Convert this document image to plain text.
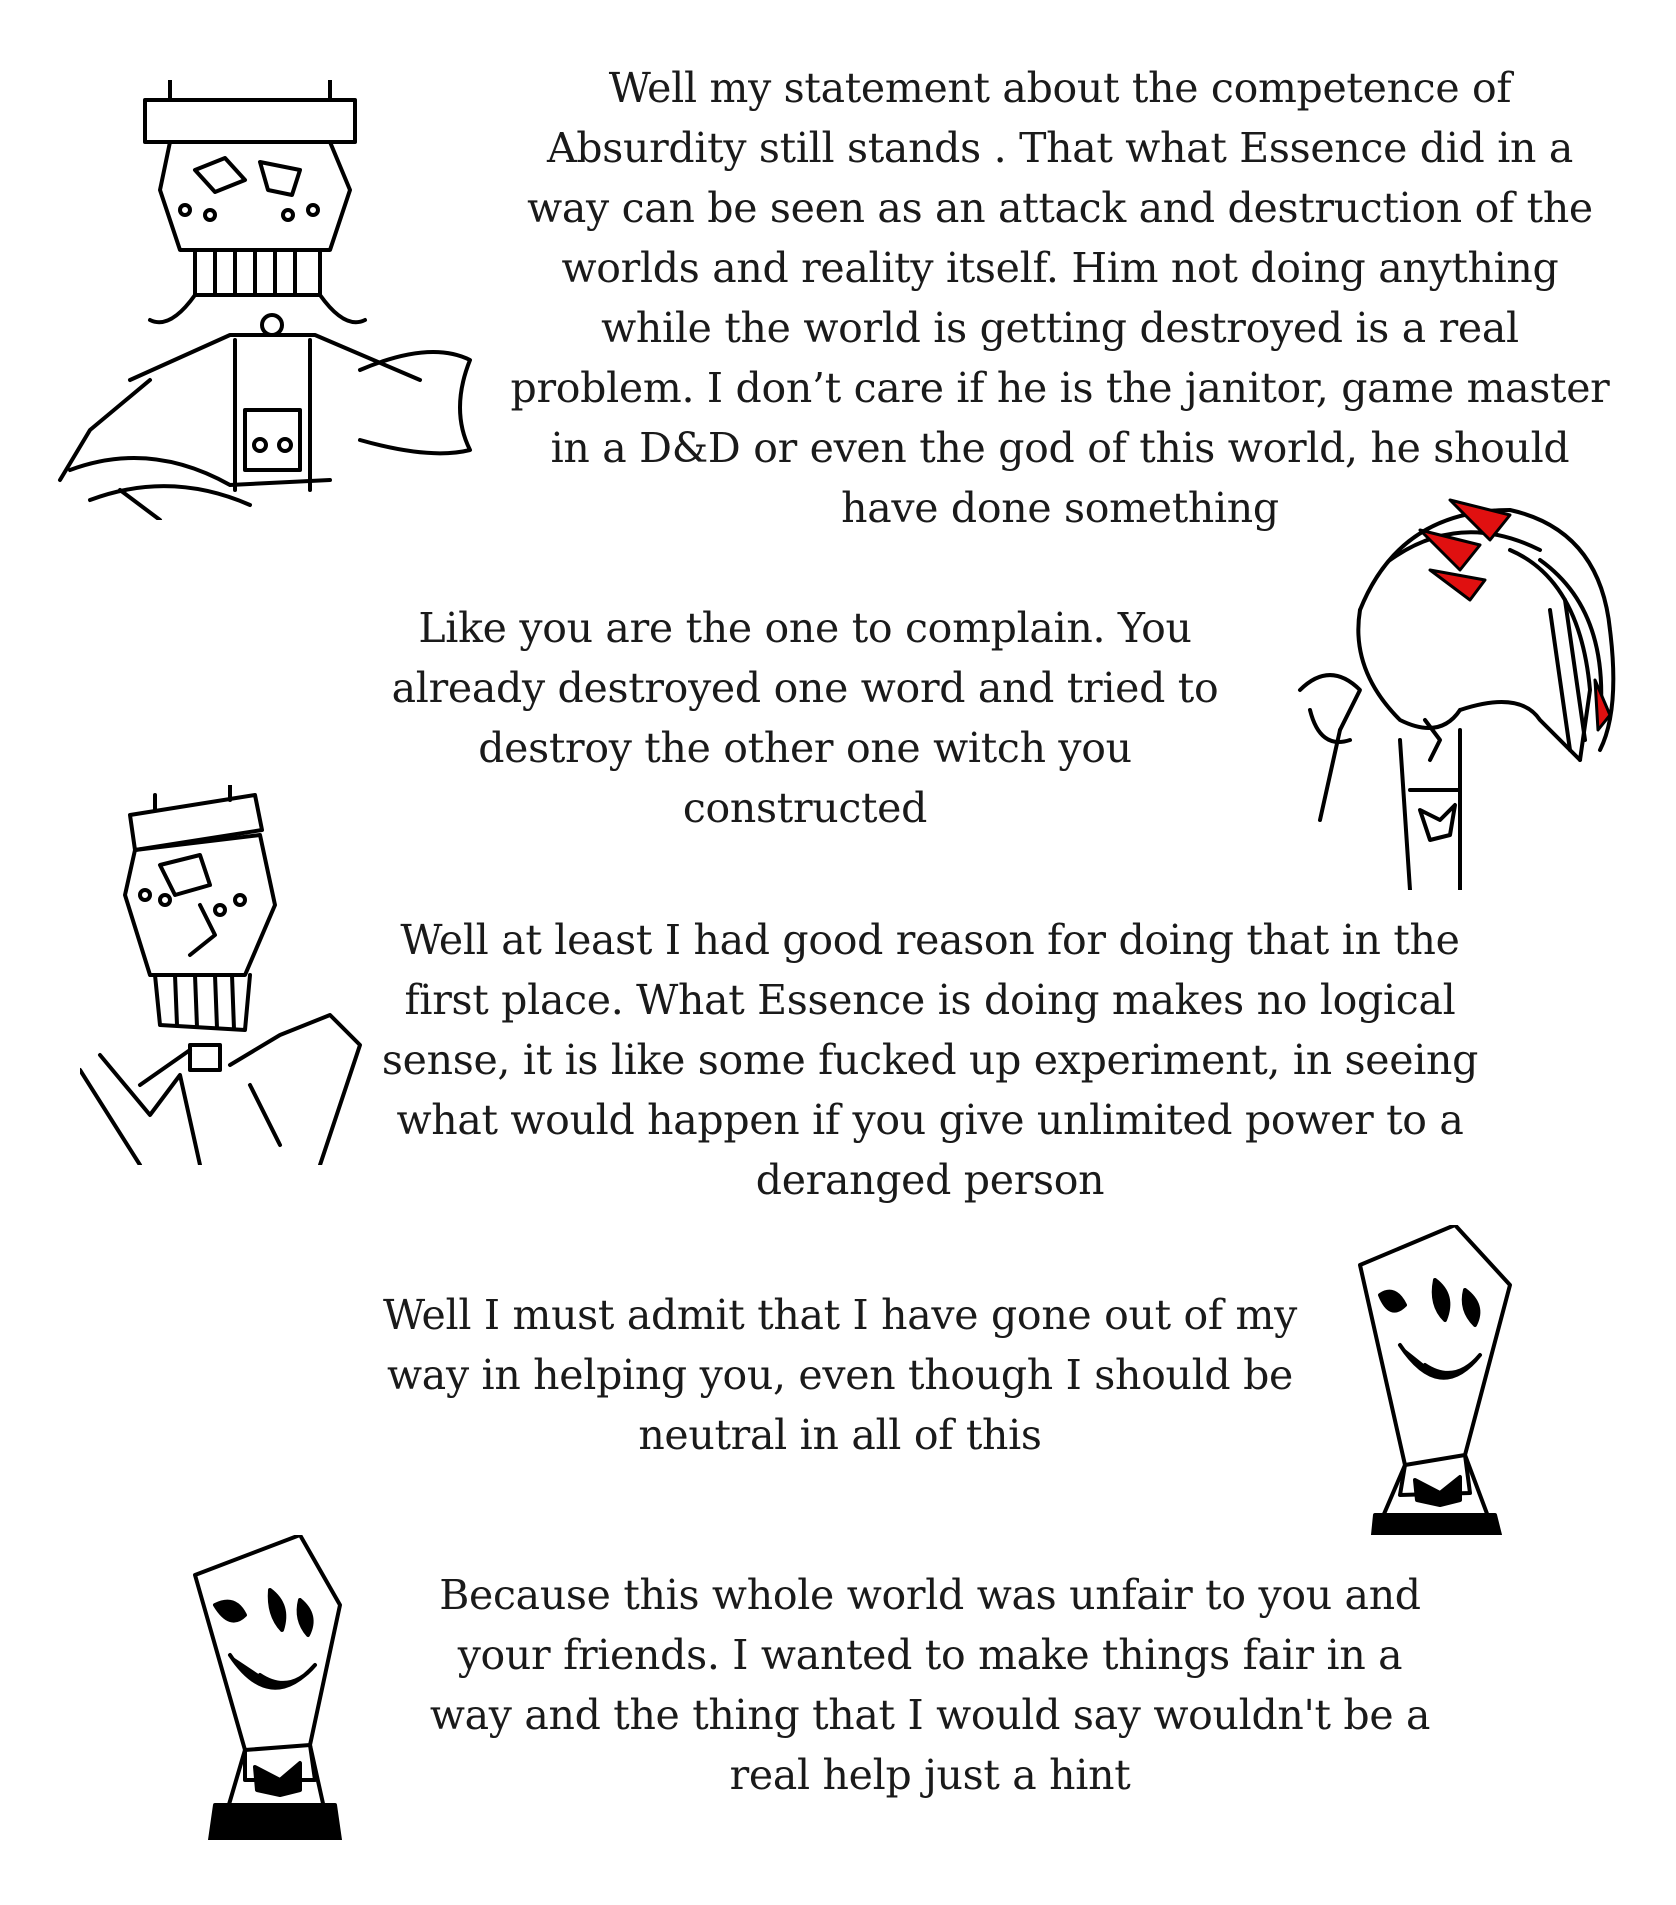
Well my statement about the competence of Absurdity still stands . That what Essence did in a way can be seen as an attack and destruction of the worlds and reality itself. Him not doing anything while the world is getting destroyed is a real problem. I don’t care if he is the janitor, game master in a D&D or even the god of this world, he should have done something
Like you are the one to complain. You already destroyed one word and tried to destroy the other one witch you constructed
Well at least I had good reason for doing that in the first place. What Essence is doing makes no logical sense, it is like some fucked up experiment, in seeing what would happen if you give unlimited power to a deranged person
Well I must admit that I have gone out of my way in helping you, even though I should be neutral in all of this
Because this whole world was unfair to you and your friends. I wanted to make things fair in a way and the thing that I would say wouldn't be a real help just a hint
